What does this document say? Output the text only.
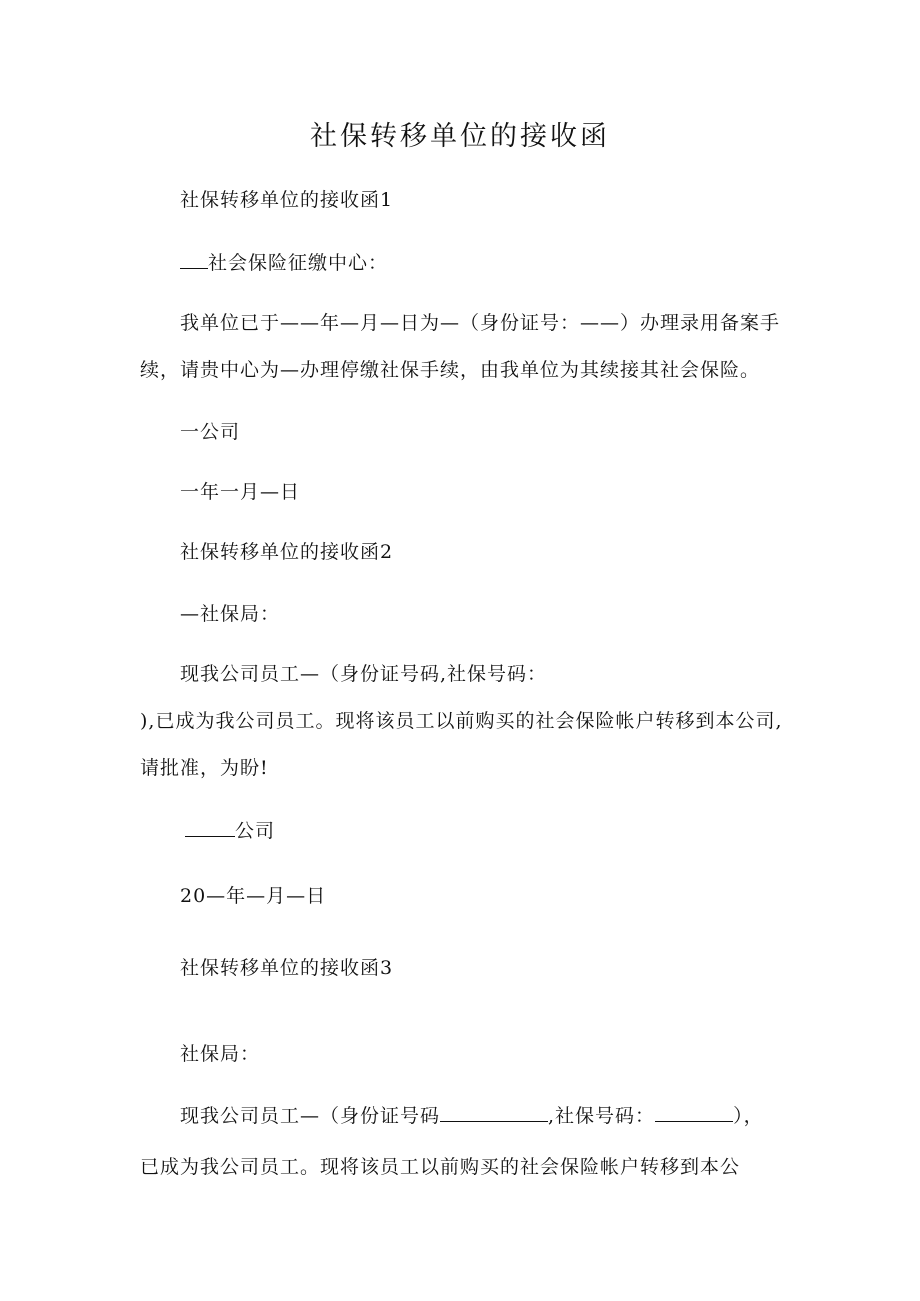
社保转移单位的接收函
社保转移单位的接收函1
社会保险征缴中心：
我单位已于——年—月—日为—（身份证号：——）办理录用备案手
续，请贵中心为—办理停缴社保手续，由我单位为其续接其社会保险。
一公司
一年一月—日
社保转移单位的接收函2
—社保局：
现我公司员工—（身份证号码,社保号码：
),已成为我公司员工。现将该员工以前购买的社会保险帐户转移到本公司,
请批准，为盼!
公司
20—年—月—日
社保转移单位的接收函3
社保局：
现我公司员工—（身份证号码	,社保号码：	），
已成为我公司员工。现将该员工以前购买的社会保险帐户转移到本公
